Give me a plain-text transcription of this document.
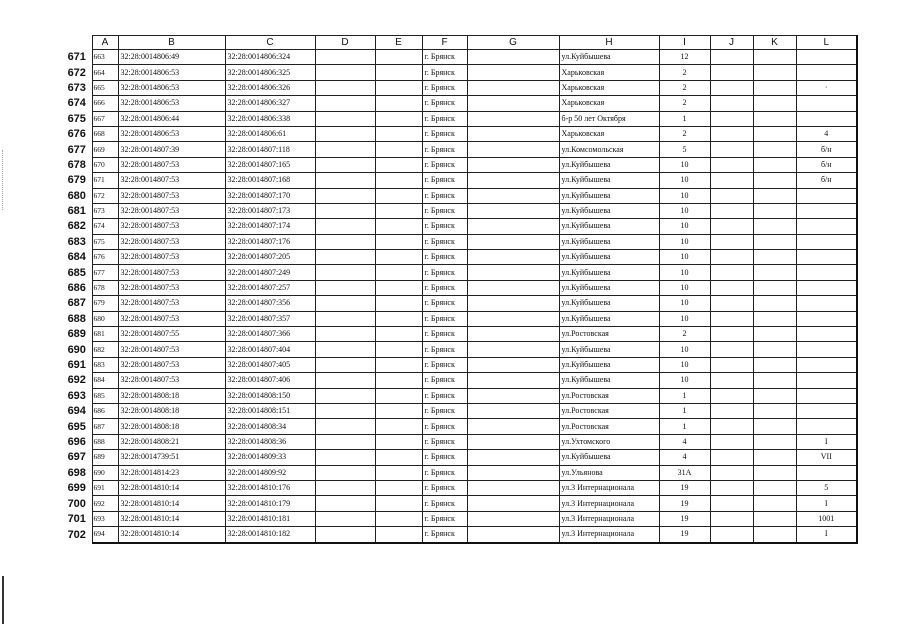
	A	B	C	D	E	F	G	H	I	J	K	L
671	663	32:28:0014806:49	32:28:0014806:324			г. Брянск		ул.Куйбышева	12			
672	664	32:28:0014806:53	32:28:0014806:325			г. Брянск		Харьковская	2			
673	665	32:28:0014806:53	32:28:0014806:326			г. Брянск		Харьковская	2			·
674	666	32:28:0014806:53	32:28:0014806:327			г. Брянск		Харьковская	2			
675	667	32:28:0014806:44	32:28:0014806:338			г. Брянск		б-р 50 лет Октября	1			
676	668	32:28:0014806:53	32:28:0014806:61			г. Брянск		Харьковская	2			4
677	669	32:28:0014807:39	32:28:0014807:118			г. Брянск		ул.Комсомольская	5			б/н
678	670	32:28:0014807:53	32:28:0014807:165			г. Брянск		ул.Куйбышева	10			б/н
679	671	32:28:0014807:53	32:28:0014807:168			г. Брянск		ул.Куйбышева	10			б/н
680	672	32:28:0014807:53	32:28:0014807:170			г. Брянск		ул.Куйбышева	10			
681	673	32:28:0014807:53	32:28:0014807:173			г. Брянск		ул.Куйбышева	10			
682	674	32:28:0014807:53	32:28:0014807:174			г. Брянск		ул.Куйбышева	10			
683	675	32:28:0014807:53	32:28:0014807:176			г. Брянск		ул.Куйбышева	10			
684	676	32:28:0014807:53	32:28:0014807:205			г. Брянск		ул.Куйбышева	10			
685	677	32:28:0014807:53	32:28:0014807:249			г. Брянск		ул.Куйбышева	10			
686	678	32:28:0014807:53	32:28:0014807:257			г. Брянск		ул.Куйбышева	10			
687	679	32:28:0014807:53	32:28:0014807:356			г. Брянск		ул.Куйбышева	10			
688	680	32:28:0014807:53	32:28:0014807:357			г. Брянск		ул.Куйбышева	10			
689	681	32:28:0014807:55	32:28:0014807:366			г. Брянск		ул.Ростовская	2			
690	682	32:28:0014807:53	32:28:0014807:404			г. Брянск		ул.Куйбышева	10			
691	683	32:28:0014807:53	32:28:0014807:405			г. Брянск		ул.Куйбышева	10			
692	684	32:28:0014807:53	32:28:0014807:406			г. Брянск		ул.Куйбышева	10			
693	685	32:28:0014808:18	32:28:0014808:150			г. Брянск		ул.Ростовская	1			
694	686	32:28:0014808:18	32:28:0014808:151			г. Брянск		ул.Ростовская	1			
695	687	32:28:0014808:18	32:28:0014808:34			г. Брянск		ул.Ростовская	1			
696	688	32:28:0014808:21	32:28:0014808:36			г. Брянск		ул.Ухтомского	4			I
697	689	32:28:0014739:51	32:28:0014809:33			г. Брянск		ул.Куйбышева	4			VII
698	690	32:28:0014814:23	32:28:0014809:92			г. Брянск		ул.Ульянова	31А			
699	691	32:28:0014810:14	32:28:0014810:176			г. Брянск		ул.3 Интернационала	19			5
700	692	32:28:0014810:14	32:28:0014810:179			г. Брянск		ул.3 Интернационала	19			I
701	693	32:28:0014810:14	32:28:0014810:181			г. Брянск		ул.3 Интернационала	19			1001
702	694	32:28:0014810:14	32:28:0014810:182			г. Брянск		ул.3 Интернационала	19			I
